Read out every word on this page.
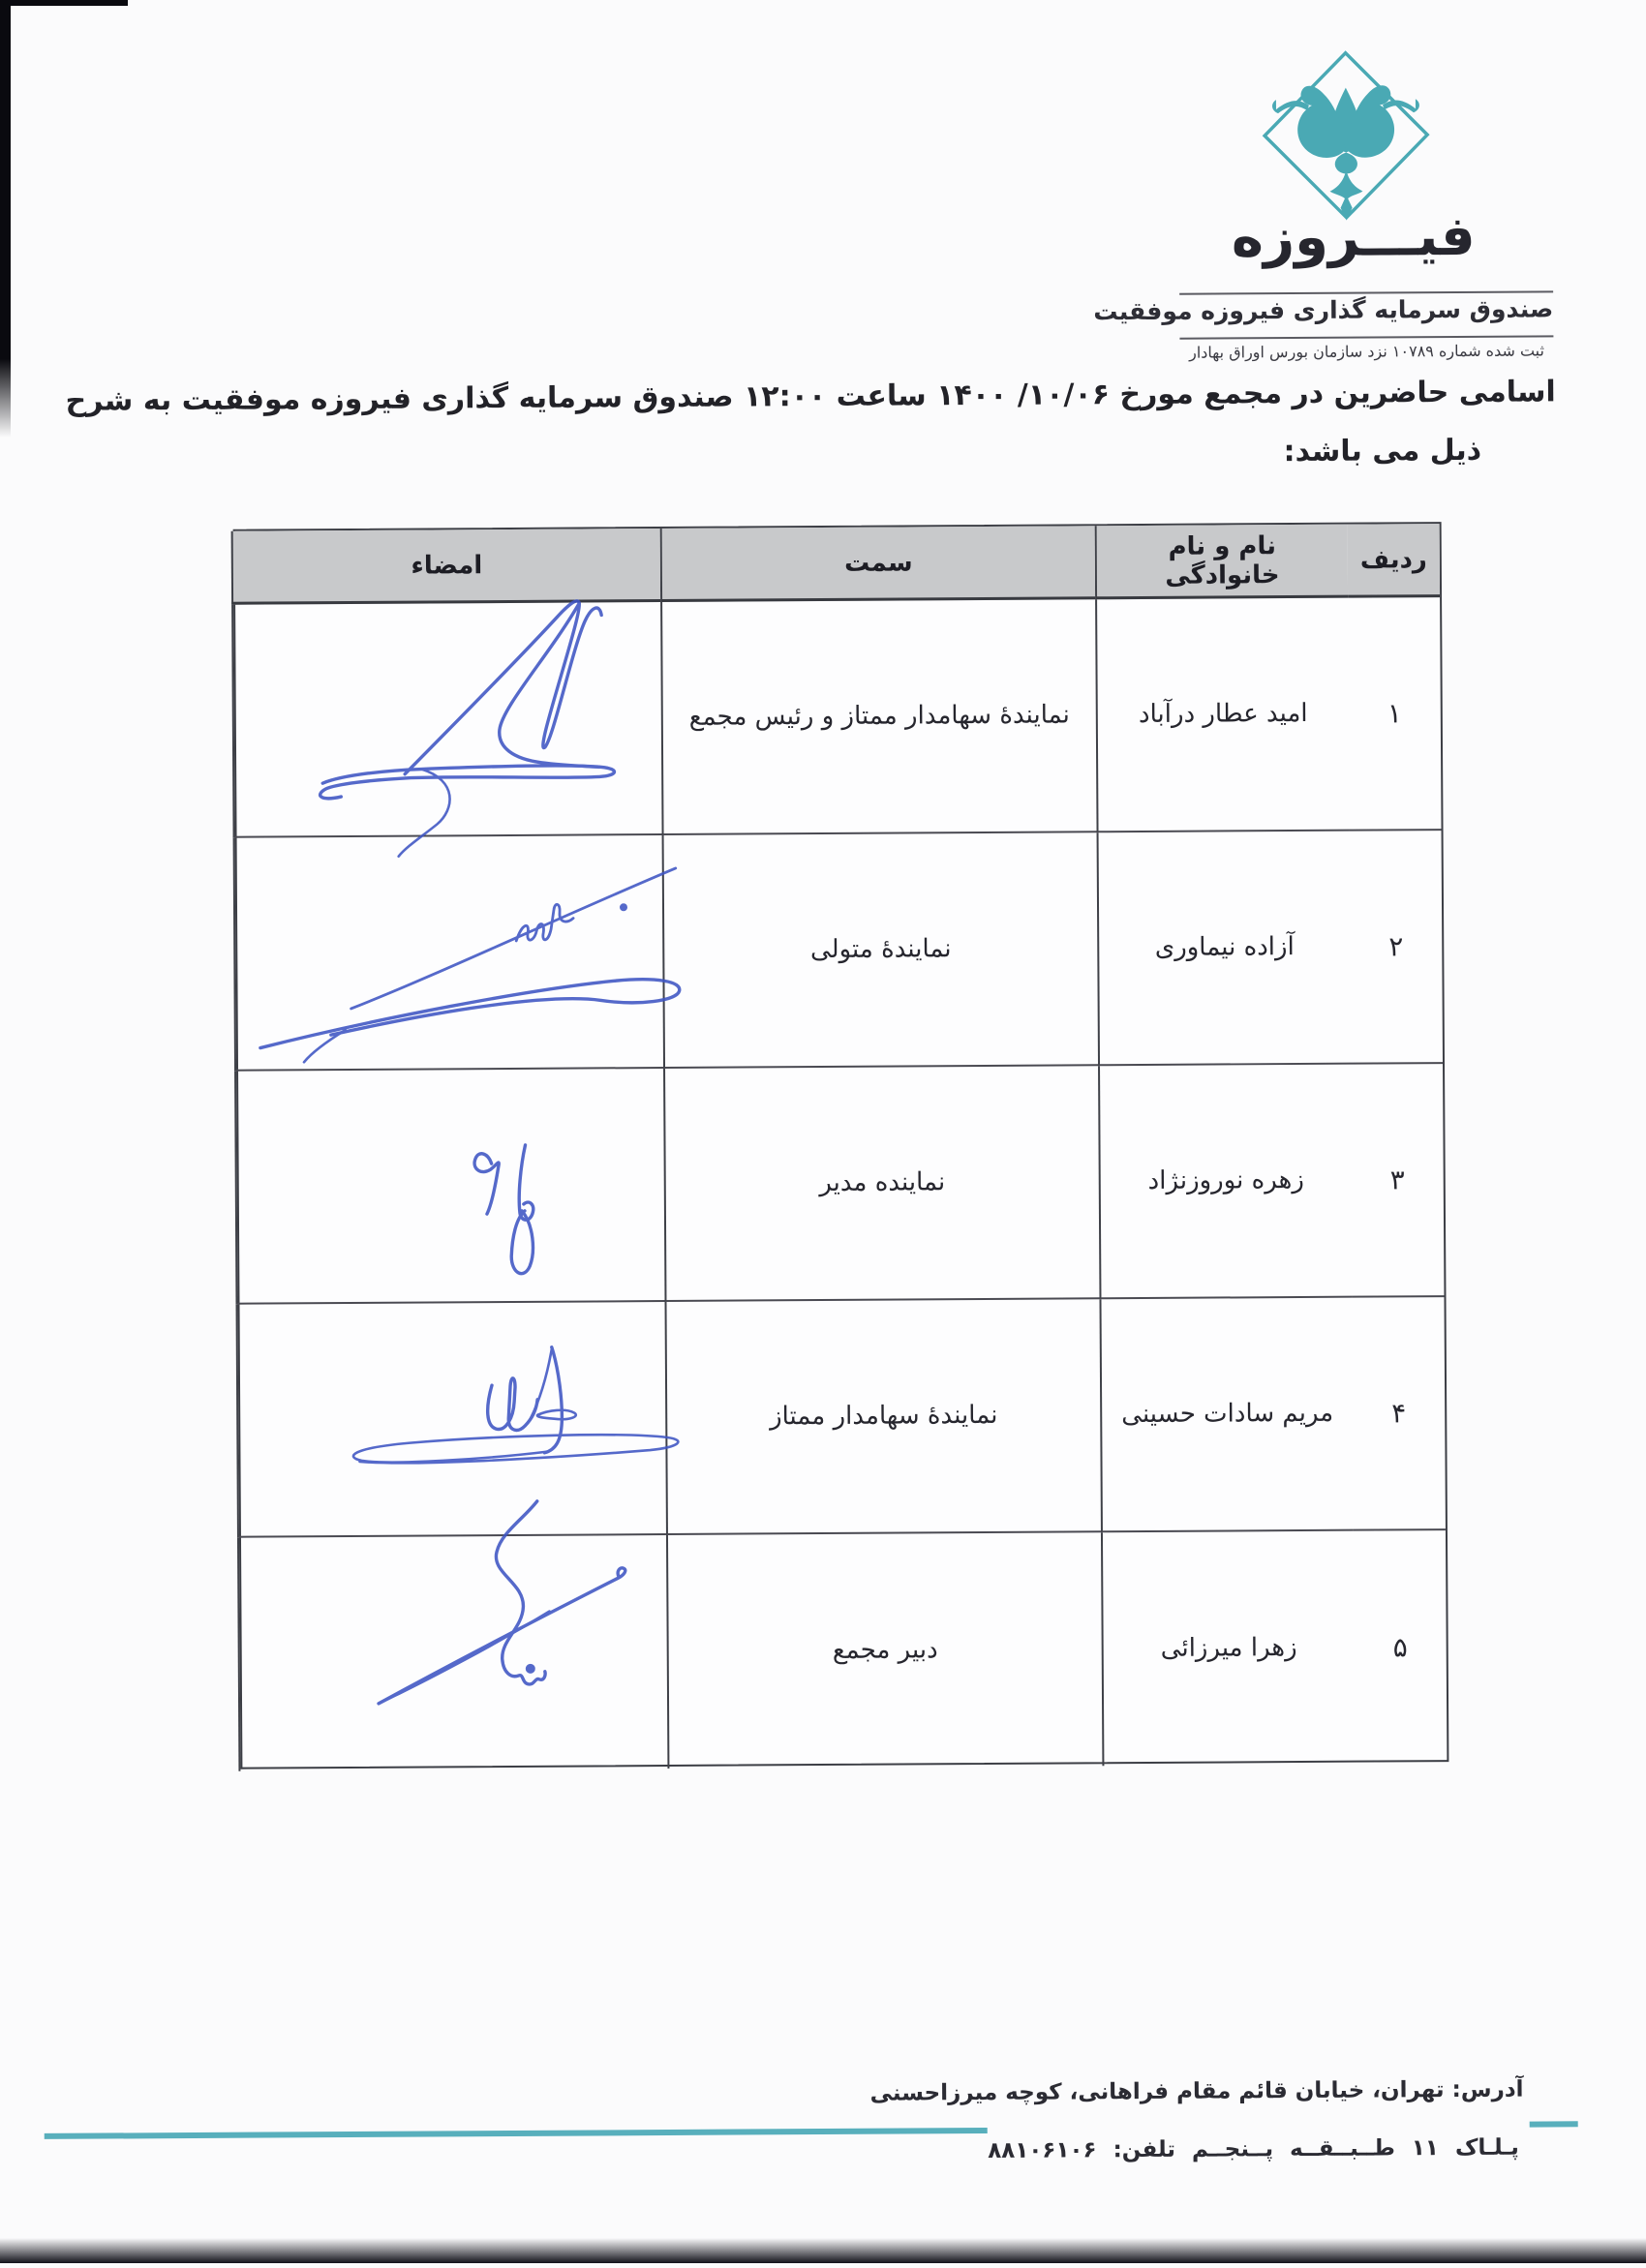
فیـــروزه
صندوق سرمایه گذاری فیروزه موفقیت
ثبت شده شماره ۱۰۷۸۹ نزد سازمان بورس اوراق بهادار
اسامی حاضرین در مجمع مورخ ۱۴۰۰ /۱۰/۰۶ ساعت ۱۲:۰۰ صندوق سرمایه گذاری فیروزه موفقیت به شرح
ذیل می باشد:
ردیف
نام و نام خانوادگی
سمت
امضاء
۱
امید عطار درآباد
نمایندهٔ سهامدار ممتاز و رئیس مجمع
۲
آزاده نیماوری
نمایندهٔ متولی
۳
زهره نوروزنژاد
نماینده مدیر
۴
مریم سادات حسینی
نمایندهٔ سهامدار ممتاز
۵
زهرا میرزائی
دبیر مجمع
آدرس: تهران، خیابان قائم مقام فراهانی، کوچه میرزاحسنی
پـلـاک ۱۱ طــبــقــه پــنجــم تلفن: ۸۸۱۰۶۱۰۶
